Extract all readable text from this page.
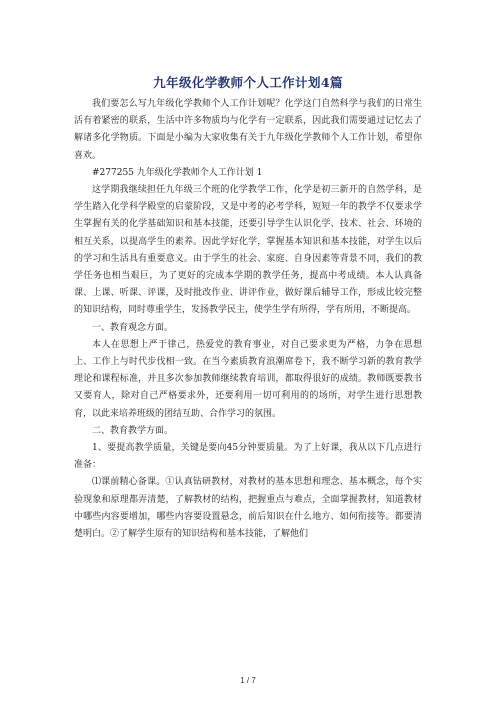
九年级化学教师个人工作计划4篇

我们要怎么写九年级化学教师个人工作计划呢？化学这门自然科学与我们的日常生活有着紧密的联系，生活中许多物质均与化学有一定联系，因此我们需要通过记忆去了解诸多化学物质。下面是小编为大家收集有关于九年级化学教师个人工作计划，希望你喜欢。

#277255 九年级化学教师个人工作计划 1

这学期我继续担任九年级三个班的化学教学工作，化学是初三新开的自然学科，是学生踏入化学科学殿堂的启蒙阶段，又是中考的必考学科，短短一年的教学不仅要求学生掌握有关的化学基础知识和基本技能，还要引导学生认识化学、技术、社会、环境的相互关系，以提高学生的素养。因此学好化学，掌握基本知识和基本技能，对学生以后的学习和生活具有重要意义。由于学生的社会、家庭、自身因素等背景不同，我们的教学任务也相当艰巨，为了更好的完成本学期的教学任务，提高中考成绩。本人认真备课、上课、听课、评课，及时批改作业、讲评作业，做好课后辅导工作，形成比较完整的知识结构，同时尊重学生，发扬教学民主，使学生学有所得，学有所用，不断提高。

一、教育观念方面。

本人在思想上严于律己，热爱党的教育事业，对自己要求更为严格，力争在思想上、工作上与时代步伐相一致。在当今素质教育浪潮席卷下，我不断学习新的教育教学理论和课程标准，并且多次参加教师继续教育培训，都取得很好的成绩。教师既要教书又要育人，除对自己严格要求外，还要利用一切可利用的的场所，对学生进行思想教育，以此来培养班级的团结互助、合作学习的氛围。

二、教育教学方面。

1、要提高教学质量，关键是要向45分钟要质量。为了上好课，我从以下几点进行准备：

⑴课前精心备课。①认真钻研教材，对教材的基本思想和理念、基本概念，每个实验现象和原理都弄清楚，了解教材的结构，把握重点与难点，全面掌握教材，知道教材中哪些内容要增加，哪些内容要设置悬念，前后知识在什么地方、如何衔接等。都要清楚明白。②了解学生原有的知识结构和基本技能，了解他们

1 / 7
